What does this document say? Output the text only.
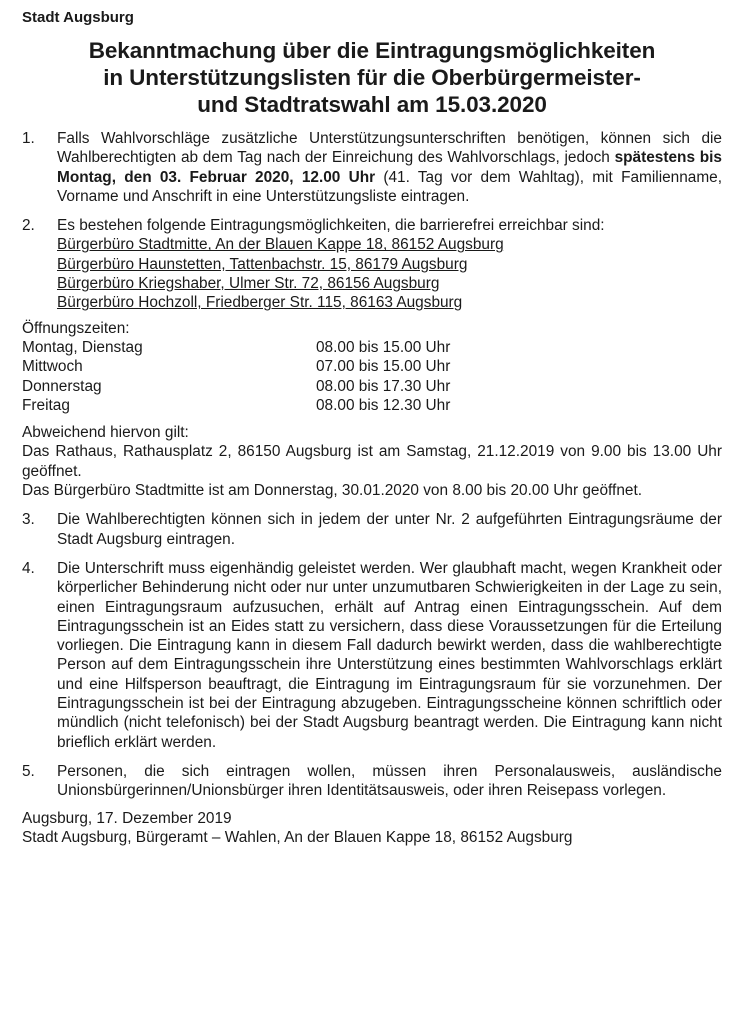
Stadt Augsburg

Bekanntmachung über die Eintragungsmöglichkeiten
in Unterstützungslisten für die Oberbürgermeister-
und Stadtratswahl am 15.03.2020
1.	Falls Wahlvorschläge zusätzliche Unterstützungsunterschriften benötigen, können sich die Wahlberechtigten ab dem Tag nach der Einreichung des Wahlvorschlags, jedoch spätestens bis Montag, den 03. Februar 2020, 12.00 Uhr (41. Tag vor dem Wahltag), mit Familienname, Vorname und Anschrift in eine Unterstützungsliste eintragen.
2.	Es bestehen folgende Eintragungsmöglichkeiten, die barrierefrei erreichbar sind:
Bürgerbüro Stadtmitte, An der Blauen Kappe 18, 86152 Augsburg
Bürgerbüro Haunstetten, Tattenbachstr. 15, 86179 Augsburg
Bürgerbüro Kriegshaber, Ulmer Str. 72, 86156 Augsburg
Bürgerbüro Hochzoll, Friedberger Str. 115, 86163 Augsburg

Öffnungszeiten:

Montag, Dienstag	08.00 bis 15.00 Uhr
Mittwoch	07.00 bis 15.00 Uhr
Donnerstag	08.00 bis 17.30 Uhr
Freitag	08.00 bis 12.30 Uhr

Abweichend hiervon gilt:

Das Rathaus, Rathausplatz 2, 86150 Augsburg ist am Samstag, 21.12.2019 von 9.00 bis 13.00 Uhr geöffnet.

Das Bürgerbüro Stadtmitte ist am Donnerstag, 30.01.2020 von 8.00 bis 20.00 Uhr geöffnet.

3.	Die Wahlberechtigten können sich in jedem der unter Nr. 2 aufgeführten Eintragungsräume der Stadt Augsburg eintragen.
4.	Die Unterschrift muss eigenhändig geleistet werden. Wer glaubhaft macht, wegen Krankheit oder körperlicher Behinderung nicht oder nur unter unzumutbaren Schwierigkeiten in der Lage zu sein, einen Eintragungsraum aufzusuchen, erhält auf Antrag einen Eintragungsschein. Auf dem Eintragungsschein ist an Eides statt zu versichern, dass diese Voraussetzungen für die Erteilung vorliegen. Die Eintragung kann in diesem Fall dadurch bewirkt werden, dass die wahlberechtigte Person auf dem Eintragungsschein ihre Unterstützung eines bestimmten Wahlvorschlags erklärt und eine Hilfsperson beauftragt, die Eintragung im Eintragungsraum für sie vorzunehmen. Der Eintragungsschein ist bei der Eintragung abzugeben. Eintragungsscheine können schriftlich oder mündlich (nicht telefonisch) bei der Stadt Augsburg beantragt werden. Die Eintragung kann nicht brieflich erklärt werden.
5.	Personen, die sich eintragen wollen, müssen ihren Personalausweis, ausländische Unionsbürgerinnen/Unionsbürger ihren Identitätsausweis, oder ihren Reisepass vorlegen.

Augsburg, 17. Dezember 2019

Stadt Augsburg, Bürgeramt – Wahlen, An der Blauen Kappe 18, 86152 Augsburg
